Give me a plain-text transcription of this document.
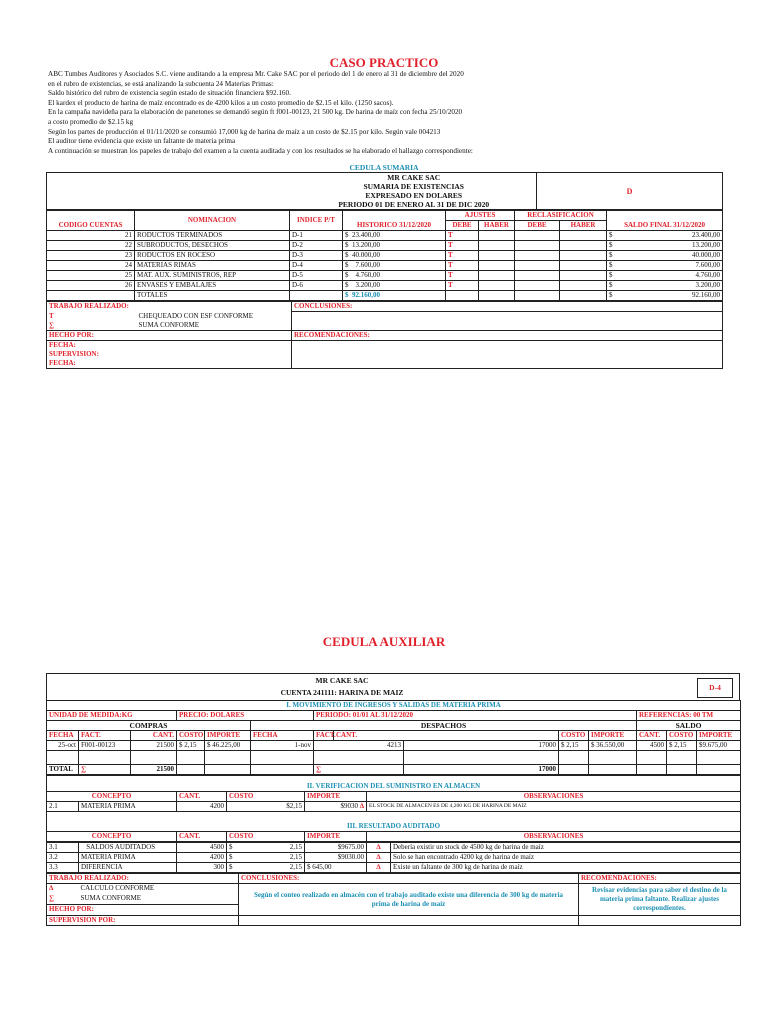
CASO PRACTICO
ABC Tumbes Auditores y Asociados S.C. viene auditando a la empresa Mr. Cake SAC por el periodo del 1 de enero al 31 de diciembre del 2020
en el rubro de existencias, se está analizando la subcuenta 24 Materias Primas:
Saldo histórico del rubro de existencia según estado de situación financiera $92.160.
El kardex el producto de harina de maíz encontrado es de 4200 kilos a un costo promedio de $2.15 el kilo. (1250 sacos).
En la campaña navideña para la elaboración de panetones se demandó según ft f001-00123, 21 500 kg. De harina de maíz con fecha 25/10/2020
a costo promedio de $2.15 kg
Según los partes de producción el 01/11/2020 se consumió 17,000 kg de harina de maíz a un costo de $2.15 por kilo. Según vale 004213
El auditor tiene evidencia que existe un faltante de materia prima
A continuación se muestran los papeles de trabajo del examen a la cuenta auditada y con los resultados se ha elaborado el hallazgo correspondiente:
CEDULA SUMARIA
	MR CAKE SAC	D
	SUMARIA DE EXISTENCIAS	
	EXPRESADO EN DOLARES	
	PERIODO 01 DE ENERO AL 31 DE DIC 2020	
CODIGO CUENTAS	NOMINACION	INDICE P/T	HISTORICO 31/12/2020	AJUSTES		RECLASIFICACION		SALDO FINAL 31/12/2020
				DEBE	HABER	DEBE	HABER	
21	RODUCTOS TERMINADOS	D-1	$ 23.400,00	T				$ 23.400,00

22	SUBRODUCTOS, DESECHOS	D-2	$ 13.200,00	T				$ 13.200,00

23	RODUCTOS EN ROCESO	D-3	$ 40.000,00	T				$ 40.000,00

24	MATERIAS RIMAS	D-4	$ 7.600,00	T				$ 7.600,00

25	MAT. AUX. SUMINISTROS, REP	D-5	$ 4.760,00	T				$ 4.760,00

26	ENVASES Y EMBALAJES	D-6	$ 3.200,00	T				$ 3.200,00

	TOTALES		$ 92.160,00					$ 92.160,00
TRABAJO REALIZADO:		CONCLUSIONES:
T	CHEQUEADO CON ESF CONFORME	
∑	SUMA CONFORME	
HECHO POR:		RECOMENDACIONES:
FECHA:		
SUPERVISION:		
FECHA:		
CEDULA AUXILIAR
MR CAKE SAC
CUENTA 241111: HARINA DE MAIZ
D-4
I. MOVIMIENTO DE INGRESOS Y SALIDAS DE MATERIA PRIMA													
UNIDAD DE MEDIDA:KG			PRECIO: DOLARES			PERIODO: 01/01 AL 31/12/2020					REFERENCIAS: 00 TM		
COMPRAS					DESPACHOS						SALDO		
FECHA	FACT.	CANT.	COSTO	IMPORTE	FECHA	FACT.	CANT.		COSTO	IMPORTE	CANT.	COSTO	IMPORTE
25-oct	F001-00123	21500	$ 2,15	$ 46.225,00	1-nov	4213		17000	$ 2,15	$ 36.550,00	4500	$ 2,15	$9.675,00

TOTAL	∑	21500				∑		17000					

II. VERIFICACION DEL SUMINISTRO EN ALMACEN					
CONCEPTO		CANT.	COSTO	IMPORTE	OBSERVACIONES
2.1	MATERIA PRIMA	4200	$2,15	$9030 ∆	EL STOCK DE ALMACEN ES DE 4,200 KG DE HARINA DE MAIZ

III. RESULTADO AUDITADO					
CONCEPTO		CANT.	COSTO	IMPORTE	OBSERVACIONES
3.1	SALDOS AUDITADOS	4500	$ 2,15	$9675.00	∆	Debería existir un stock de 4500 kg de harina de maíz
3.2	MATERIA PRIMA	4200	$ 2,15	$9030.00	∆	Solo se han encontrado 4200 kg de harina de maíz
3.3	DIFERENCIA	300	$ 2,15	$ 645,00	∆	Existe un faltante de 300 kg de harina de maíz
TRABAJO REALIZADO:		CONCLUSIONES:	RECOMENDACIONES:
∆	CALCULO CONFORME	Según el conteo realizado en almacén con el trabajo auditado existe una diferencia de 300 kg de materia prima de harina de maíz	Revisar evidencias para saber el destino de la materia prima faltante. Realizar ajustes correspondientes.
∑	SUMA CONFORME		
HECHO POR:			
SUPERVISION POR:			
